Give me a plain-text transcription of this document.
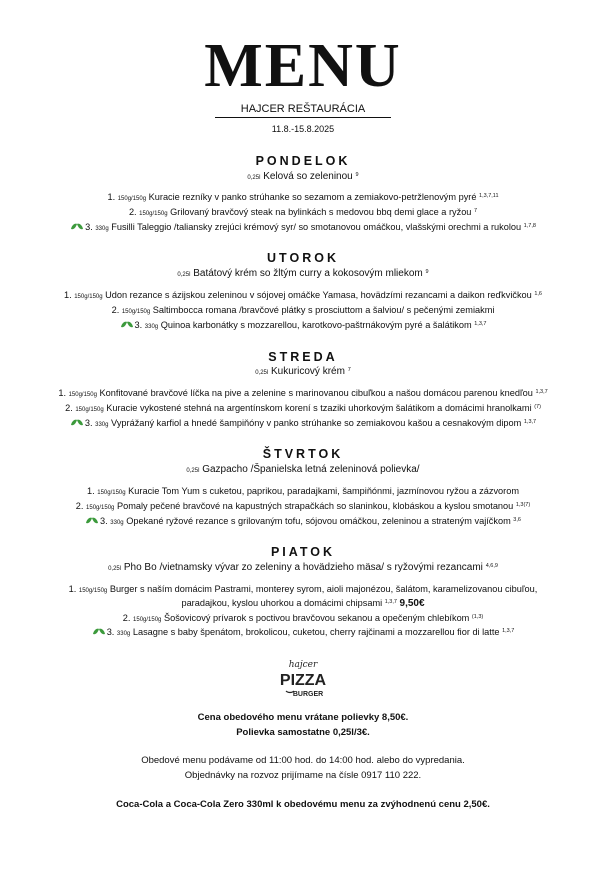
MENU
HAJCER REŠTAURÁCIA
11.8.-15.8.2025
PONDELOK
0,25l Kelová so zeleninou $^9$
1. 150g/150g Kuracie rezníky v panko strúhanke so sezamom a zemiakovo-petržlenovým pyré $^{1,3,7,11}$
2. 150g/150g Grilovaný bravčový steak na bylinkách s medovou bbq demi glace a ryžou $^7$
3. 330g Fusilli Taleggio /taliansky zrejúci krémový syr/ so smotanovou omáčkou, vlašskými orechmi a rukolou $^{1,7,8}$
UTOROK
0,25l Batátový krém so žltým curry a kokosovým mliekom $^9$
1. 150g/150g Udon rezance s ázijskou zeleninou v sójovej omáčke Yamasa, hovädzími rezancami a daikon reďkvičkou $^{1,6}$
2. 150g/150g Saltimbocca romana /bravčové plátky s prosciuttom a šalviou/ s pečenými zemiakmi
3. 330g Quinoa karbonátky s mozzarellou, karotkovo-paštrnákovým pyré a šalátikom $^{1,3,7}$
STREDA
0,25l Kukuricový krém $^7$
1. 150g/150g Konfitované bravčové líčka na pive a zelenine s marinovanou cibuľkou a našou domácou parenou knedľou $^{1,3,7}$
2. 150g/150g Kuracie vykostené stehná na argentínskom korení s tzaziki uhorkovým šalátikom a domácimi hranolkami $^{(7)}$
3. 330g Vyprážaný karfiol a hnedé šampiňóny v panko strúhanke so zemiakovou kašou a cesnakovým dipom $^{1,3,7}$
ŠTVRTOK
0,25l Gazpacho /Španielska letná zeleninová polievka/
1. 150g/150g Kuracie Tom Yum s cuketou, paprikou, paradajkami, šampiňónmi, jazmínovou ryžou a zázvorom
2. 150g/150g Pomaly pečené bravčové na kapustných strapačkách so slaninkou, klobáskou a kyslou smotanou $^{1,3(7)}$
3. 330g Opekané ryžové rezance s grilovaným tofu, sójovou omáčkou, zeleninou a strateným vajíčkom $^{3,6}$
PIATOK
0,25l Pho Bo /vietnamsky vývar zo zeleniny a hovädzieho mäsa/ s ryžovými rezancami $^{4,6,9}$
1. 150g/150g Burger s naším domácim Pastrami, monterey syrom, aioli majonézou, šalátom, karamelizovanou cibuľou,
paradajkou, kyslou uhorkou a domácimi chipsami $^{1,3,7}$ 9,50€
2. 150g/150g Šošovicový prívarok s poctivou bravčovou sekanou a opečeným chlebíkom $^{(1,3)}$
3. 330g Lasagne s baby špenátom, brokolicou, cuketou, cherry rajčinami a mozzarellou fior di latte $^{1,3,7}$
hajcer
PIZZA
BURGER
Cena obedového menu vrátane polievky 8,50€.
Polievka samostatne 0,25l/3€.
Obedové menu podávame od 11:00 hod. do 14:00 hod. alebo do vypredania.
Objednávky na rozvoz prijímame na čísle 0917 110 222.
Coca-Cola a Coca-Cola Zero 330ml k obedovému menu za zvýhodnenú cenu 2,50€.
